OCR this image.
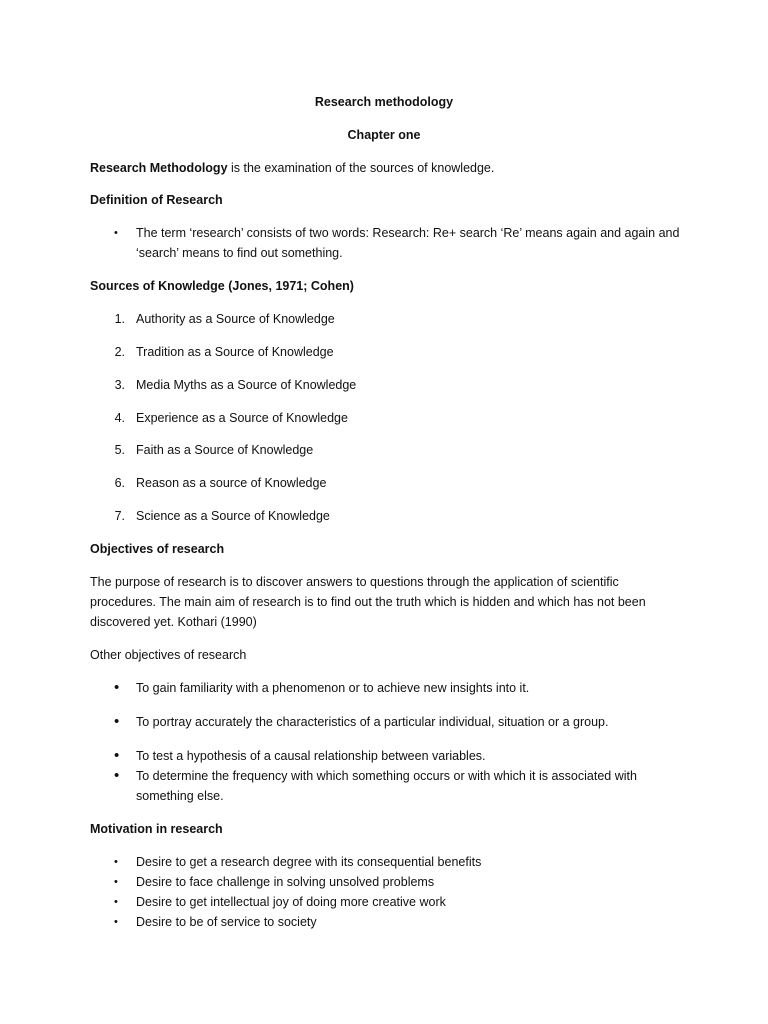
Research methodology
Chapter one
Research Methodology is the examination of the sources of knowledge.
Definition of Research
• The term ‘research’ consists of two words: Research: Re+ search ‘Re’ means again and again and ‘search’ means to find out something.
Sources of Knowledge (Jones, 1971; Cohen)
1. Authority as a Source of Knowledge
2. Tradition as a Source of Knowledge
3. Media Myths as a Source of Knowledge
4. Experience as a Source of Knowledge
5. Faith as a Source of Knowledge
6. Reason as a source of Knowledge
7. Science as a Source of Knowledge
Objectives of research
The purpose of research is to discover answers to questions through the application of scientific procedures. The main aim of research is to find out the truth which is hidden and which has not been discovered yet. Kothari (1990)
Other objectives of research
• To gain familiarity with a phenomenon or to achieve new insights into it.
• To portray accurately the characteristics of a particular individual, situation or a group.
• To test a hypothesis of a causal relationship between variables.
• To determine the frequency with which something occurs or with which it is associated with something else.
Motivation in research
• Desire to get a research degree with its consequential benefits
• Desire to face challenge in solving unsolved problems
• Desire to get intellectual joy of doing more creative work
• Desire to be of service to society
